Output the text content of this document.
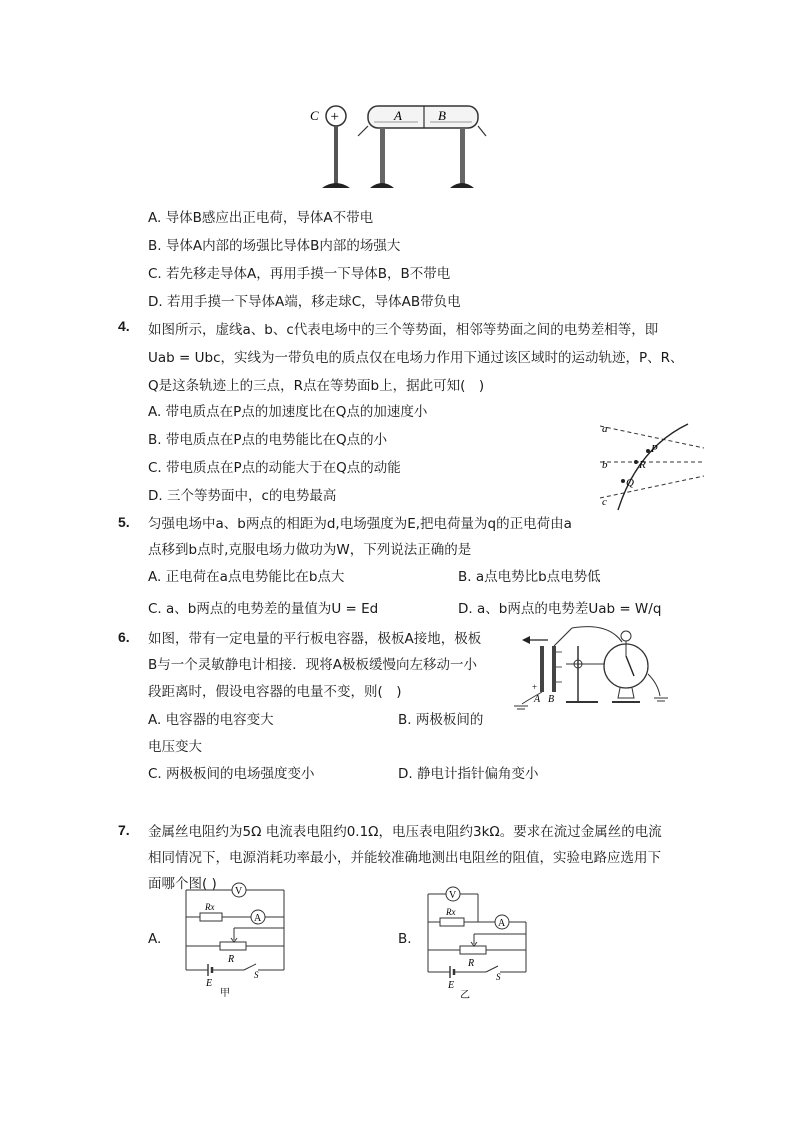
C +	A	B
A. 导体B感应出正电荷，导体A不带电
B. 导体A内部的场强比导体B内部的场强大
C. 若先移走导体A，再用手摸一下导体B，B不带电
D. 若用手摸一下导体A端，移走球C，导体AB带负电
4. 如图所示，虚线a、b、c代表电场中的三个等势面，相邻等势面之间的电势差相等，即
Uab = Ubc，实线为一带负电的质点仅在电场力作用下通过该区域时的运动轨迹，P、R、
Q是这条轨迹上的三点，R点在等势面b上，据此可知(　)
A. 带电质点在P点的加速度比在Q点的加速度小
B. 带电质点在P点的电势能比在Q点的小
C. 带电质点在P点的动能大于在Q点的动能
D. 三个等势面中，c的电势最高
a
b
c
P
R
Q
5. 匀强电场中a、b两点的相距为d,电场强度为E,把电荷量为q的正电荷由a
点移到b点时,克服电场力做功为W，下列说法正确的是
A. 正电荷在a点电势能比在b点大	B. a点电势比b点电势低
C. a、b两点的电势差的量值为U = Ed	D. a、b两点的电势差Uab = W/q
6. 如图，带有一定电量的平行板电容器，极板A接地，极板
B与一个灵敏静电计相接．现将A极板缓慢向左移动一小
段距离时，假设电容器的电量不变，则(　)
A. 电容器的电容变大	B. 两极板间的
电压变大
C. 两极板间的电场强度变小	D. 静电计指针偏角变小
+
A B
7. 金属丝电阻约为5Ω 电流表电阻约0.1Ω，电压表电阻约3kΩ。要求在流过金属丝的电流
相同情况下，电源消耗功率最小，并能较准确地测出电阻丝的阻值，实验电路应选用下
面哪个图( )
A.
V
Rx
A
R
E
S
甲
B.
V
Rx
A
R
E
S
乙
